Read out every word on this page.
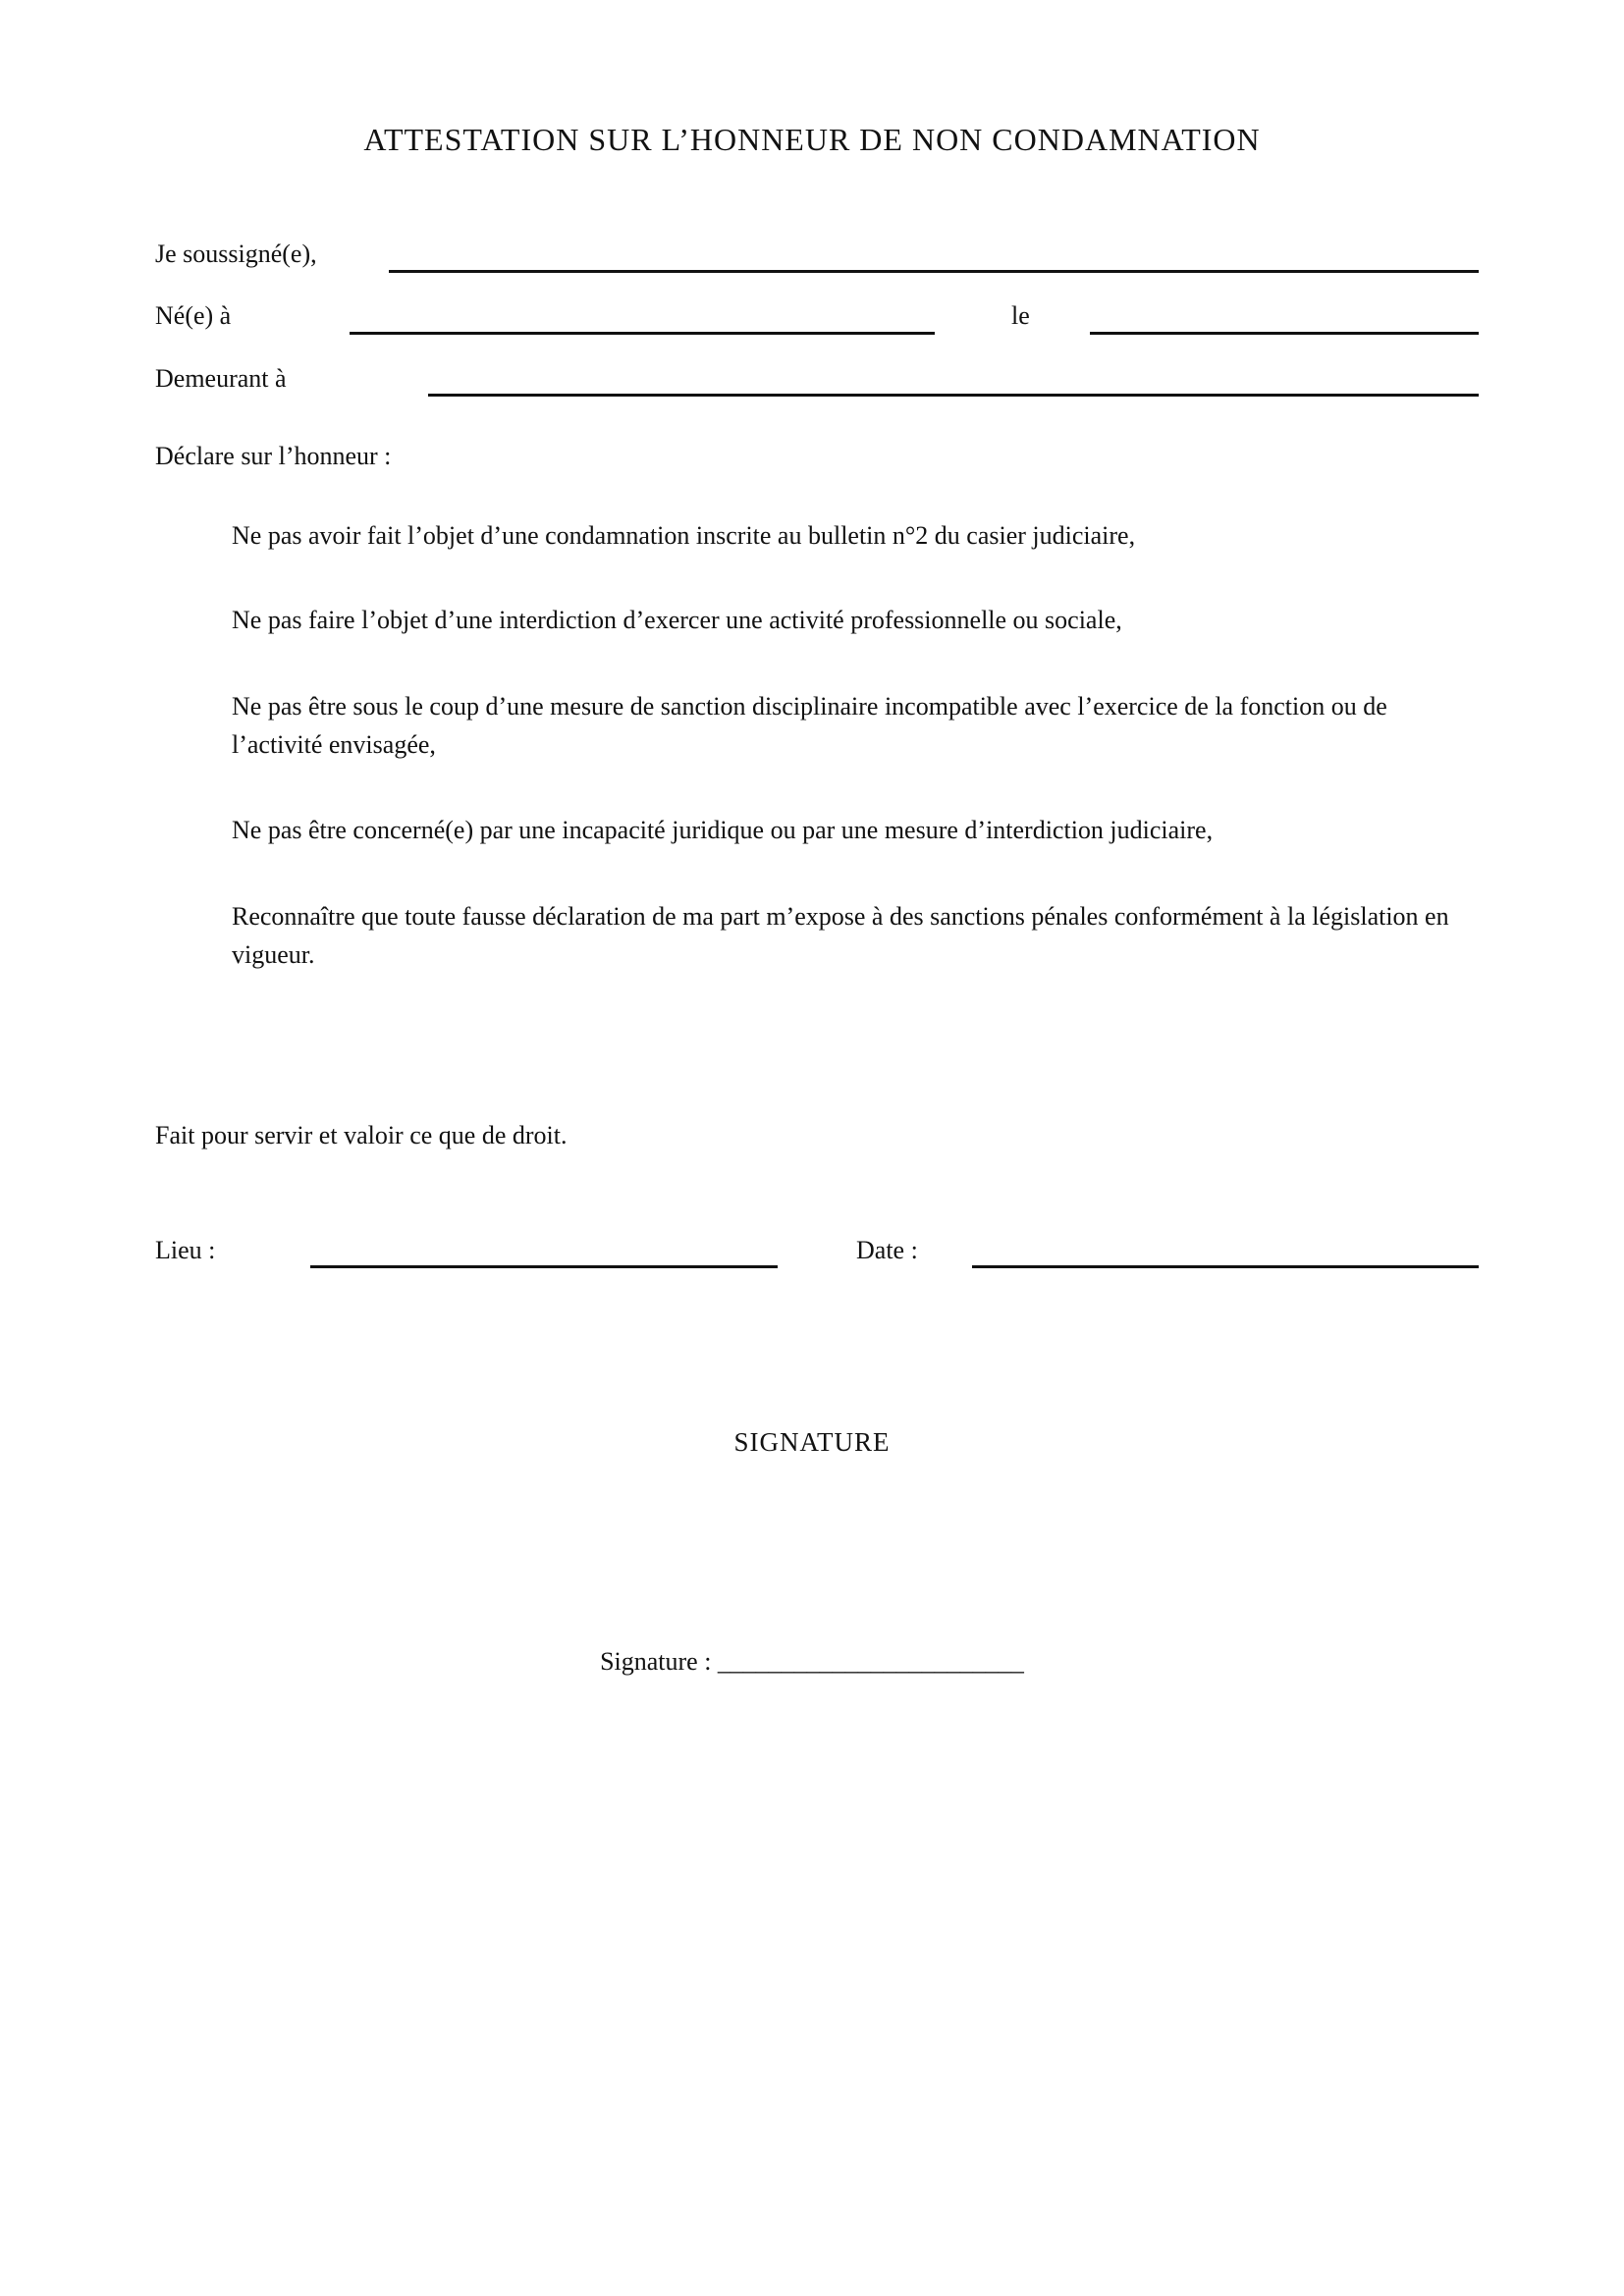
ATTESTATION SUR L’HONNEUR DE NON CONDAMNATION
Je soussigné(e),
Né(e) à	le
Demeurant à
Déclare sur l’honneur :
Ne pas avoir fait l’objet d’une condamnation inscrite au bulletin n°2 du casier judiciaire,
Ne pas faire l’objet d’une interdiction d’exercer une activité professionnelle ou sociale,
Ne pas être sous le coup d’une mesure de sanction disciplinaire incompatible avec l’exercice de la fonction ou de l’activité envisagée,
Ne pas être concerné(e) par une incapacité juridique ou par une mesure d’interdiction judiciaire,
Reconnaître que toute fausse déclaration de ma part m’expose à des sanctions pénales conformément à la législation en vigueur.
Fait pour servir et valoir ce que de droit.
Lieu :	Date :
SIGNATURE
Signature : ________________________
